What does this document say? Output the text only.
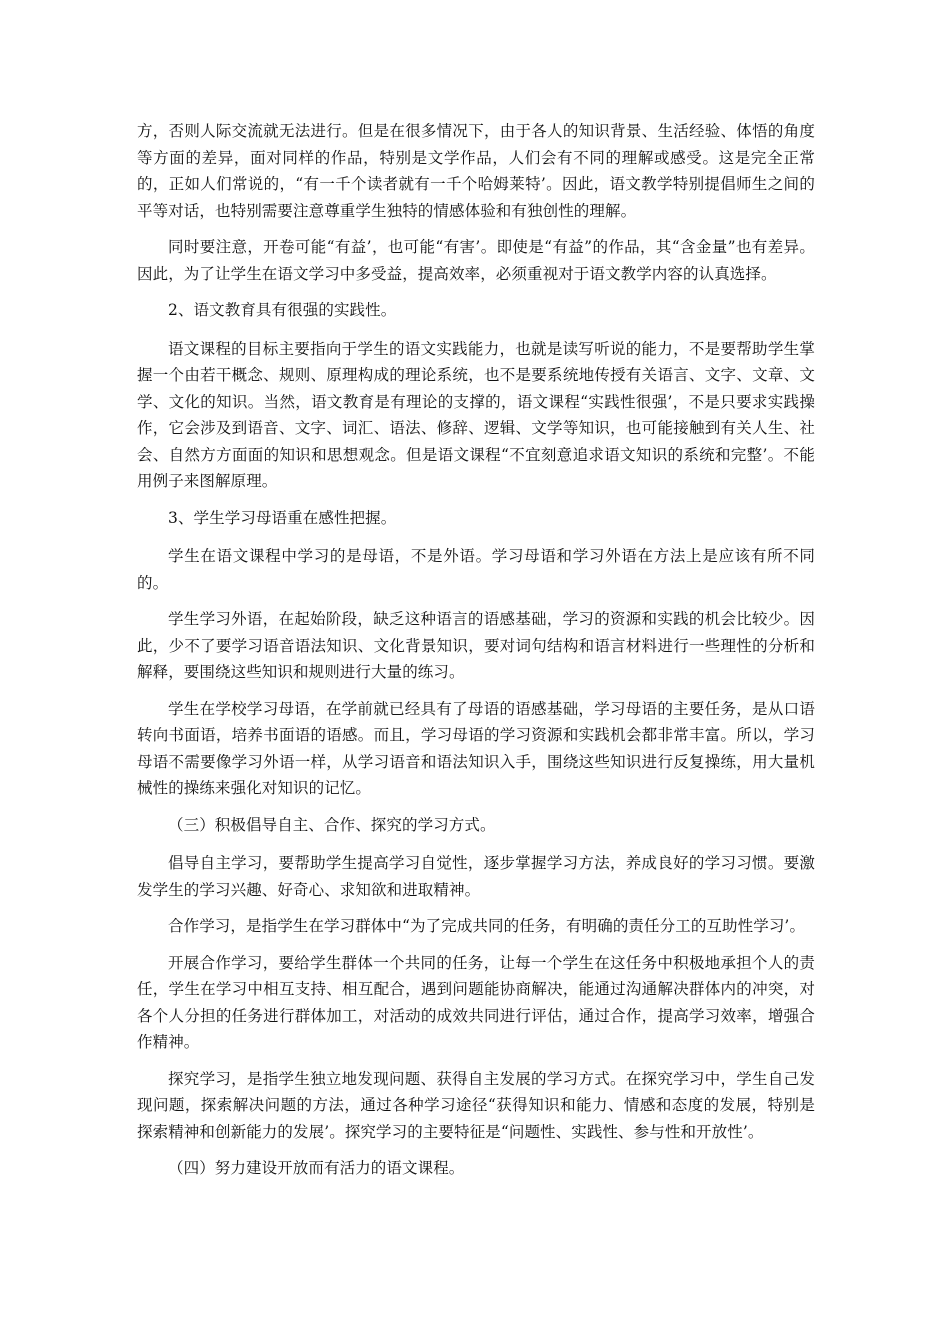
方，否则人际交流就无法进行。但是在很多情况下，由于各人的知识背景、生活经验、体悟的角度等方面的差异，面对同样的作品，特别是文学作品，人们会有不同的理解或感受。这是完全正常的，正如人们常说的，“有一千个读者就有一千个哈姆莱特’。因此，语文教学特别提倡师生之间的平等对话，也特别需要注意尊重学生独特的情感体验和有独创性的理解。

同时要注意，开卷可能“有益’，也可能“有害’。即使是“有益”的作品，其“含金量”也有差异。因此，为了让学生在语文学习中多受益，提高效率，必须重视对于语文教学内容的认真选择。

2、语文教育具有很强的实践性。

语文课程的目标主要指向于学生的语文实践能力，也就是读写听说的能力，不是要帮助学生掌握一个由若干概念、规则、原理构成的理论系统，也不是要系统地传授有关语言、文字、文章、文学、文化的知识。当然，语文教育是有理论的支撑的，语文课程“实践性很强’，不是只要求实践操作，它会涉及到语音、文字、词汇、语法、修辞、逻辑、文学等知识，也可能接触到有关人生、社会、自然方方面面的知识和思想观念。但是语文课程“不宜刻意追求语文知识的系统和完整’。不能用例子来图解原理。

3、学生学习母语重在感性把握。

学生在语文课程中学习的是母语，不是外语。学习母语和学习外语在方法上是应该有所不同的。

学生学习外语，在起始阶段，缺乏这种语言的语感基础，学习的资源和实践的机会比较少。因此，少不了要学习语音语法知识、文化背景知识，要对词句结构和语言材料进行一些理性的分析和解释，要围绕这些知识和规则进行大量的练习。

学生在学校学习母语，在学前就已经具有了母语的语感基础，学习母语的主要任务，是从口语转向书面语，培养书面语的语感。而且，学习母语的学习资源和实践机会都非常丰富。所以，学习母语不需要像学习外语一样，从学习语音和语法知识入手，围绕这些知识进行反复操练，用大量机械性的操练来强化对知识的记忆。

（三）积极倡导自主、合作、探究的学习方式。

倡导自主学习，要帮助学生提高学习自觉性，逐步掌握学习方法，养成良好的学习习惯。要激发学生的学习兴趣、好奇心、求知欲和进取精神。

合作学习，是指学生在学习群体中“为了完成共同的任务，有明确的责任分工的互助性学习’。

开展合作学习，要给学生群体一个共同的任务，让每一个学生在这任务中积极地承担个人的责任，学生在学习中相互支持、相互配合，遇到问题能协商解决，能通过沟通解决群体内的冲突，对各个人分担的任务进行群体加工，对活动的成效共同进行评估，通过合作，提高学习效率，增强合作精神。

探究学习，是指学生独立地发现问题、获得自主发展的学习方式。在探究学习中，学生自己发现问题，探索解决问题的方法，通过各种学习途径“获得知识和能力、情感和态度的发展，特别是探索精神和创新能力的发展’。探究学习的主要特征是“问题性、实践性、参与性和开放性’。

（四）努力建设开放而有活力的语文课程。
